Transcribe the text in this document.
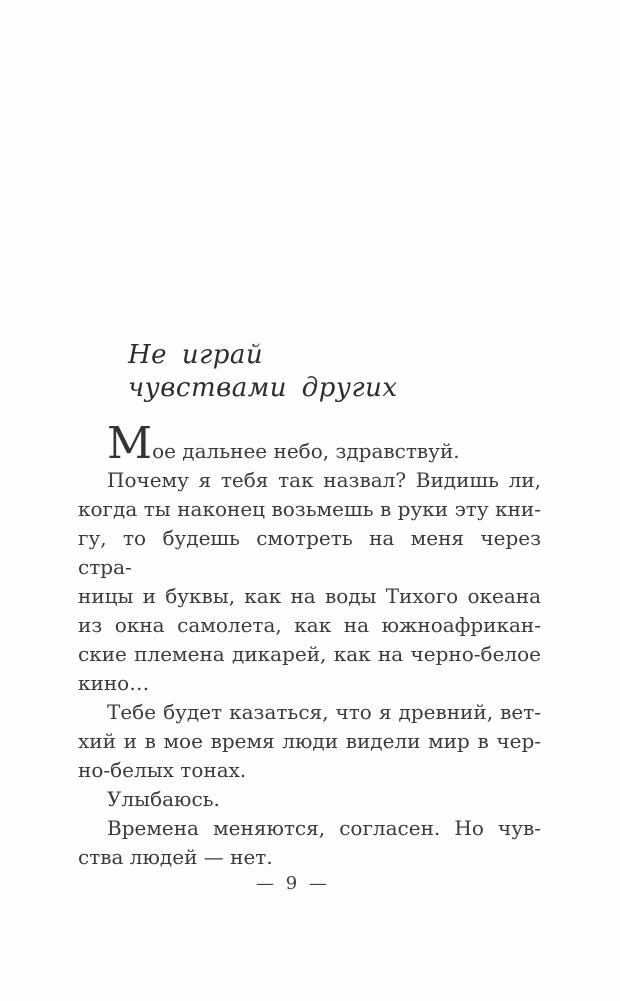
Не играй
чувствами других
Мое дальнее небо, здравствуй.
Почему я тебя так назвал? Видишь ли,
когда ты наконец возьмешь в руки эту кни-
гу, то будешь смотреть на меня через стра-
ницы и буквы, как на воды Тихого океана
из окна самолета, как на южноафрикан-
ские племена дикарей, как на черно-белое
кино…
Тебе будет казаться, что я древний, вет-
хий и в мое время люди видели мир в чер-
но-белых тонах.
Улыбаюсь.
Времена меняются, согласен. Но чув-
ства людей — нет.
— 9 —
